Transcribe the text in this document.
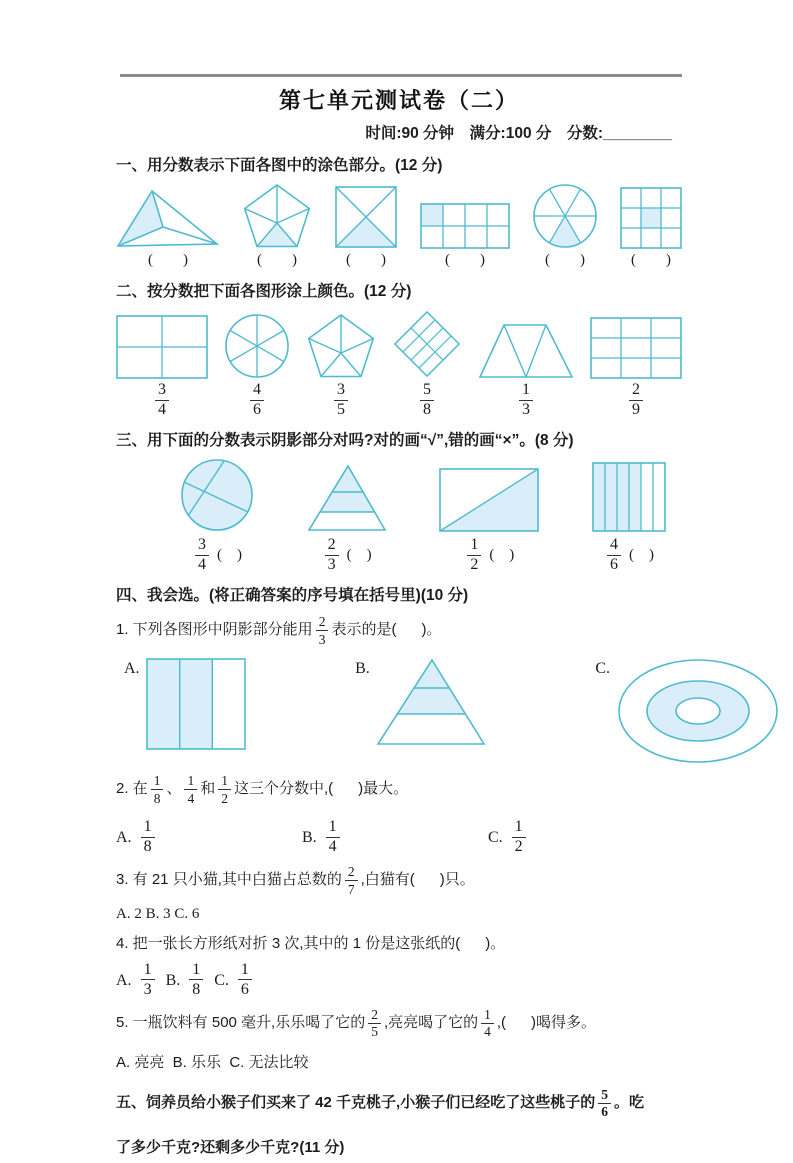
第七单元测试卷（二）
时间:90 分钟　满分:100 分　分数:________
一、用分数表示下面各图中的涂色部分。(12 分)
(        )	(        )	(        )	(        )	(        )	(        )
二、按分数把下面各图形涂上颜色。(12 分)
$\frac{3}{4}$	$\frac{4}{6}$	$\frac{3}{5}$	$\frac{5}{8}$	$\frac{1}{3}$	$\frac{2}{9}$
三、用下面的分数表示阴影部分对吗?对的画“√”,错的画“×”。(8 分)
$\frac{3}{4}$ (    )	$\frac{2}{3}$ (    )	$\frac{1}{2}$ (    )	$\frac{4}{6}$ (    )
四、我会选。(将正确答案的序号填在括号里)(10 分)
1. 下列各图形中阴影部分能用 $\frac{2}{3}$ 表示的是(      )。
A.	B.	C.
2. 在 $\frac{1}{8}$ 、 $\frac{1}{4}$ 和 $\frac{1}{2}$ 这三个分数中,(      )最大。
A. $\frac{1}{8}$	B. $\frac{1}{4}$	C. $\frac{1}{2}$
3. 有 21 只小猫,其中白猫占总数的 $\frac{2}{7}$ ,白猫有(      )只。
A. 2 B. 3 C. 6
4. 把一张长方形纸对折 3 次,其中的 1 份是这张纸的(      )。
A. $\frac{1}{3} B$. $\frac{1}{8} C$. $\frac{1}{6}$
5. 一瓶饮料有 500 毫升,乐乐喝了它的 $\frac{2}{5}$ ,亮亮喝了它的 $\frac{1}{4}$ ,(      )喝得多。
A. 亮亮  B. 乐乐  C. 无法比较
五、饲养员给小猴子们买来了 42 千克桃子,小猴子们已经吃了这些桃子的 $\frac{5}{6}$ 。吃
了多少千克?还剩多少千克?(11 分)
